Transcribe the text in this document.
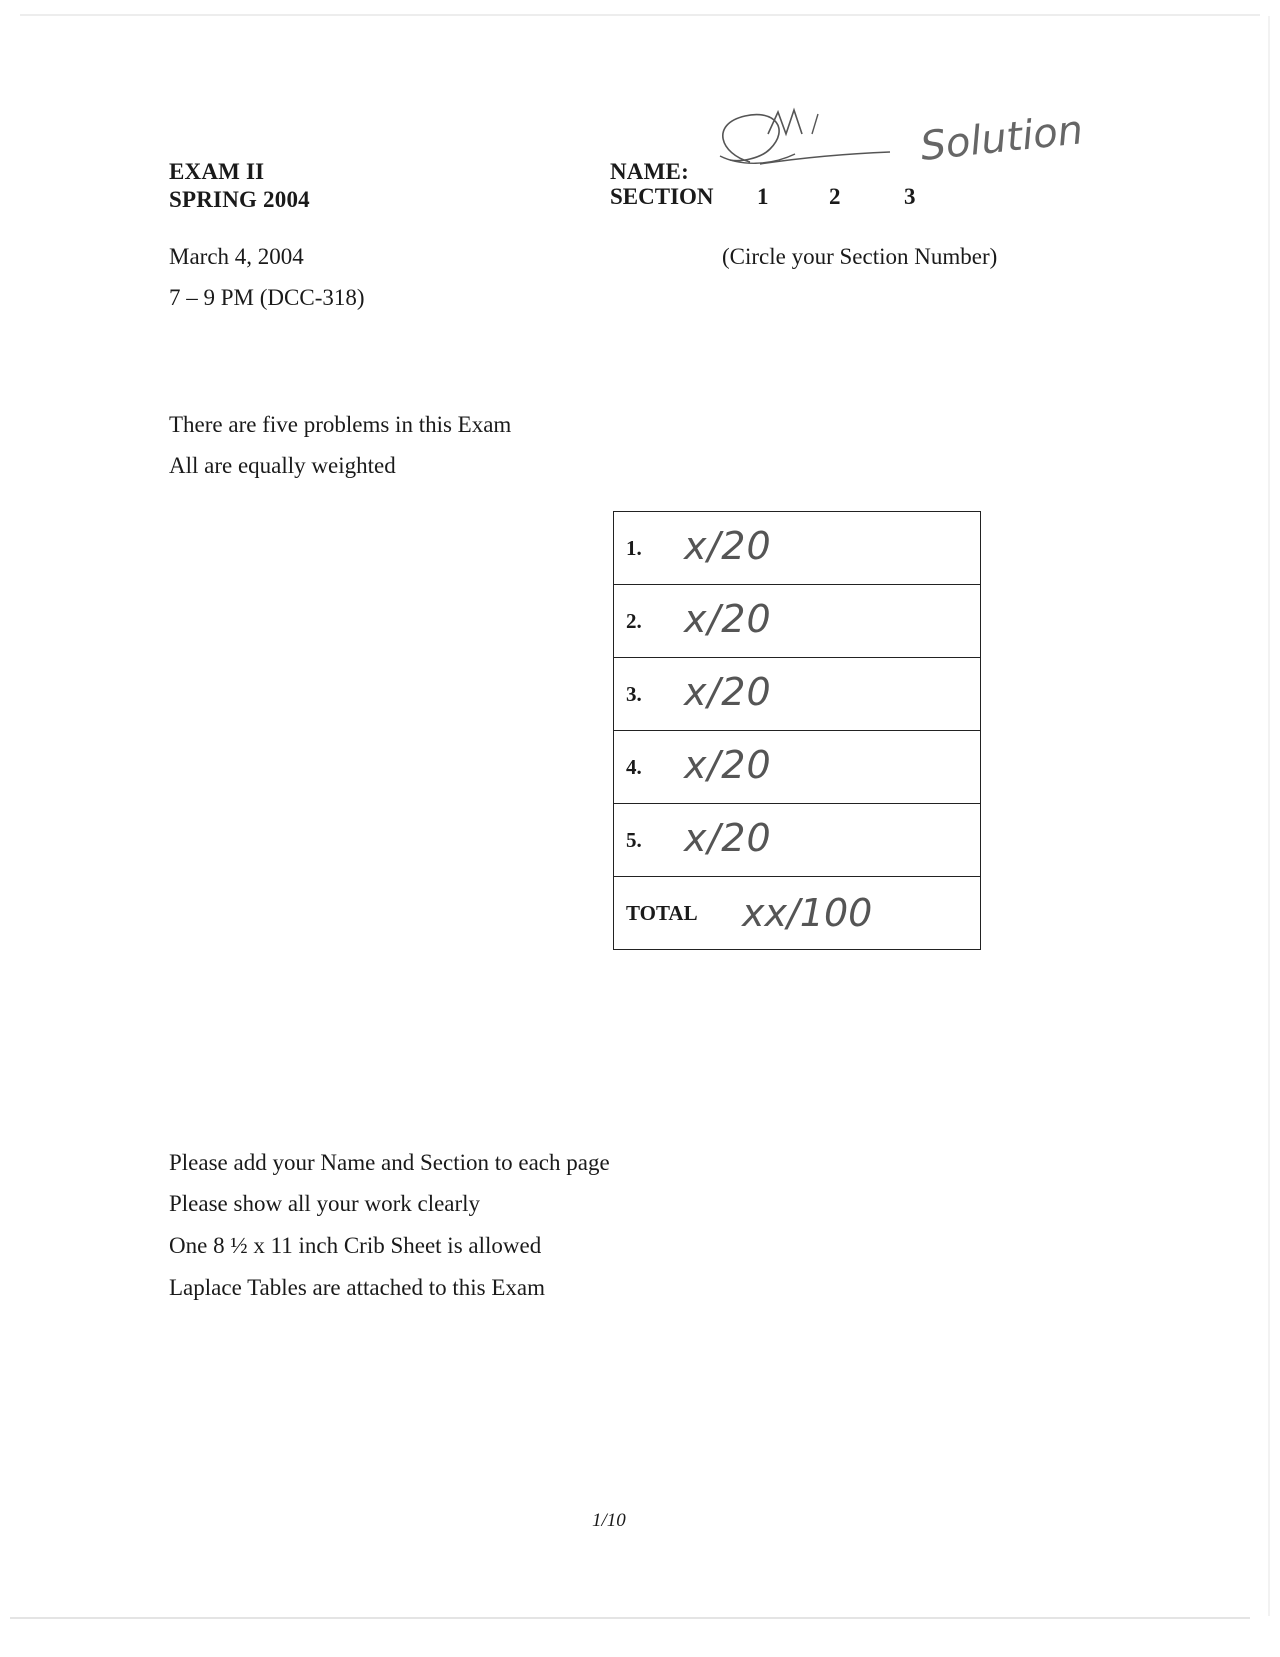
EXAM II
SPRING 2004
March 4, 2004
7 – 9 PM (DCC-318)
NAME:
SECTION 1	2	3
(Circle your Section Number)
Solution
There are five problems in this Exam
All are equally weighted
1. x/20

2. x/20

3. x/20

4. x/20

5. x/20

TOTAL xx/100
Please add your Name and Section to each page
Please show all your work clearly
One 8 ½ x 11 inch Crib Sheet is allowed
Laplace Tables are attached to this Exam
1/10
